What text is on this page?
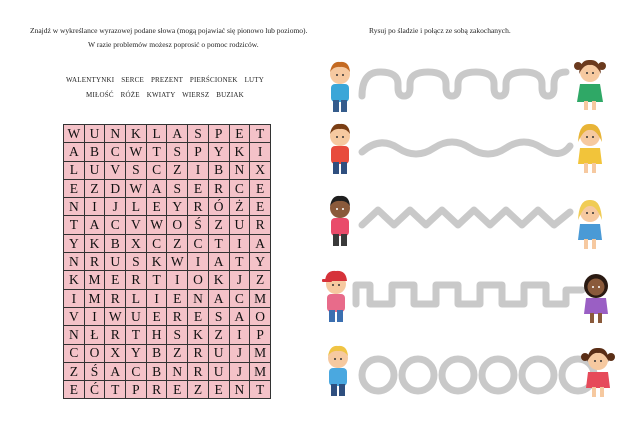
Znajdź w wykreślance wyrazowej podane słowa (mogą pojawiać się pionowo lub poziomo).
W razie problemów możesz poprosić o pomoc rodziców.
WALENTYNKI SERCE PREZENT PIERŚCIONEK LUTY
MIŁOŚĆ RÓŻE KWIATY WIERSZ BUZIAK
W	U	N	K	L	A	S	P	E	T
A	B	C	W	T	S	P	Y	K	I
L	U	V	S	C	Z	I	B	N	X
E	Z	D	W	A	S	E	R	C	E
N	I	J	L	E	Y	R	Ó	Ż	E
T	A	C	V	W	O	Ś	Z	U	R
Y	K	B	X	C	Z	C	T	I	A
N	R	U	S	K	W	I	A	T	Y
K	M	E	R	T	I	O	K	J	Z
I	M	R	L	I	E	N	A	C	M
V	I	W	U	E	R	E	S	A	O
N	Ł	R	T	H	S	K	Z	I	P
C	O	X	Y	B	Z	R	U	J	M
Z	Ś	A	C	B	N	R	U	J	M
E	Ć	T	P	R	E	Z	E	N	T
Rysuj po śladzie i połącz ze sobą zakochanych.
